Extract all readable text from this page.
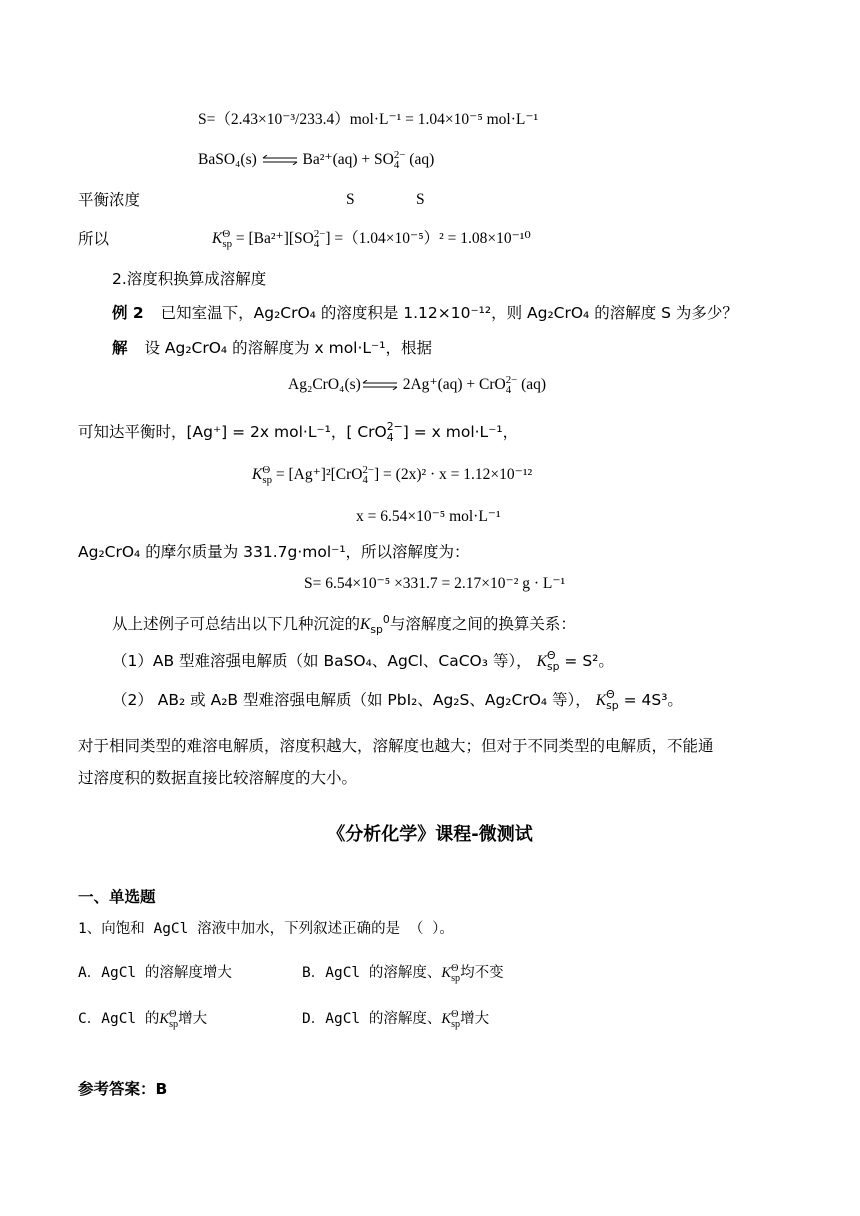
S=（2.43×10⁻³/233.4）mol·L⁻¹ = 1.04×10⁻⁵ mol·L⁻¹
BaSO₄(s) ⇌ Ba²⁺(aq) + SO 2−
4 (aq)
平衡浓度	S	S
所以	K Θ
sp = [Ba²⁺][SO 2−
4 ] =（1.04×10⁻⁵）² = 1.08×10⁻¹⁰
2.溶度积换算成溶解度
例 2 已知室温下，Ag₂CrO₄ 的溶度积是 1.12×10⁻¹²，则 Ag₂CrO₄ 的溶解度 S 为多少？
解 设 Ag₂CrO₄ 的溶解度为 x mol·L⁻¹，根据
Ag₂CrO₄(s)⇌ 2Ag⁺(aq) + CrO 2−
4 (aq)
可知达平衡时，[Ag⁺] = 2x mol·L⁻¹，[ CrO 2−
4 ] = x mol·L⁻¹，
K Θ
sp = [Ag⁺]²[CrO 2−
4 ] = (2x)² · x = 1.12×10⁻¹²
x = 6.54×10⁻⁵ mol·L⁻¹
Ag₂CrO₄ 的摩尔质量为 331.7g·mol⁻¹，所以溶解度为：
S= 6.54×10⁻⁵ ×331.7 = 2.17×10⁻² g · L⁻¹
从上述例子可总结出以下几种沉淀的$K_{sp}^0$与溶解度之间的换算关系：
（1）AB 型难溶强电解质（如 BaSO₄、AgCl、CaCO₃ 等）， K Θ
sp = S²。
（2） AB₂ 或 A₂B 型难溶强电解质（如 PbI₂、Ag₂S、Ag₂CrO₄ 等）， K Θ
sp = 4S³。
对于相同类型的难溶电解质，溶度积越大，溶解度也越大；但对于不同类型的电解质，不能通
过溶度积的数据直接比较溶解度的大小。
《分析化学》课程-微测试
一、单选题
1、向饱和 AgCl 溶液中加水，下列叙述正确的是 （ ）。
A．AgCl 的溶解度增大	B．AgCl 的溶解度、K Θ
sp 均不变
C．AgCl 的K Θ
sp 增大	D．AgCl 的溶解度、K Θ
sp 增大
参考答案：B
